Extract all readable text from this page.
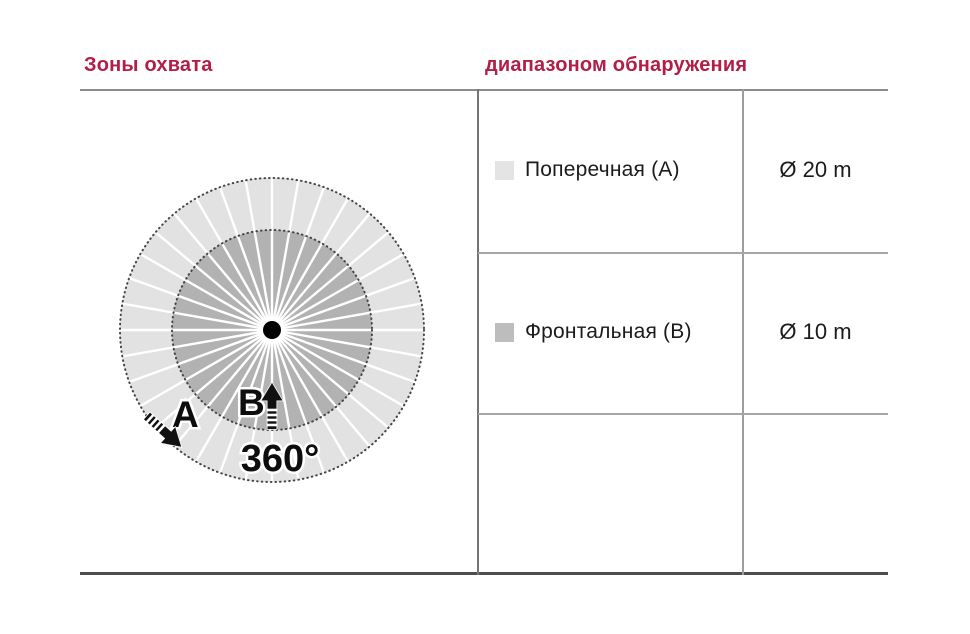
Зоны охвата	диапазоном обнаружения
Поперечная (A)	Ø 20 m
Фронтальная (B)	Ø 10 m
A B
360°
